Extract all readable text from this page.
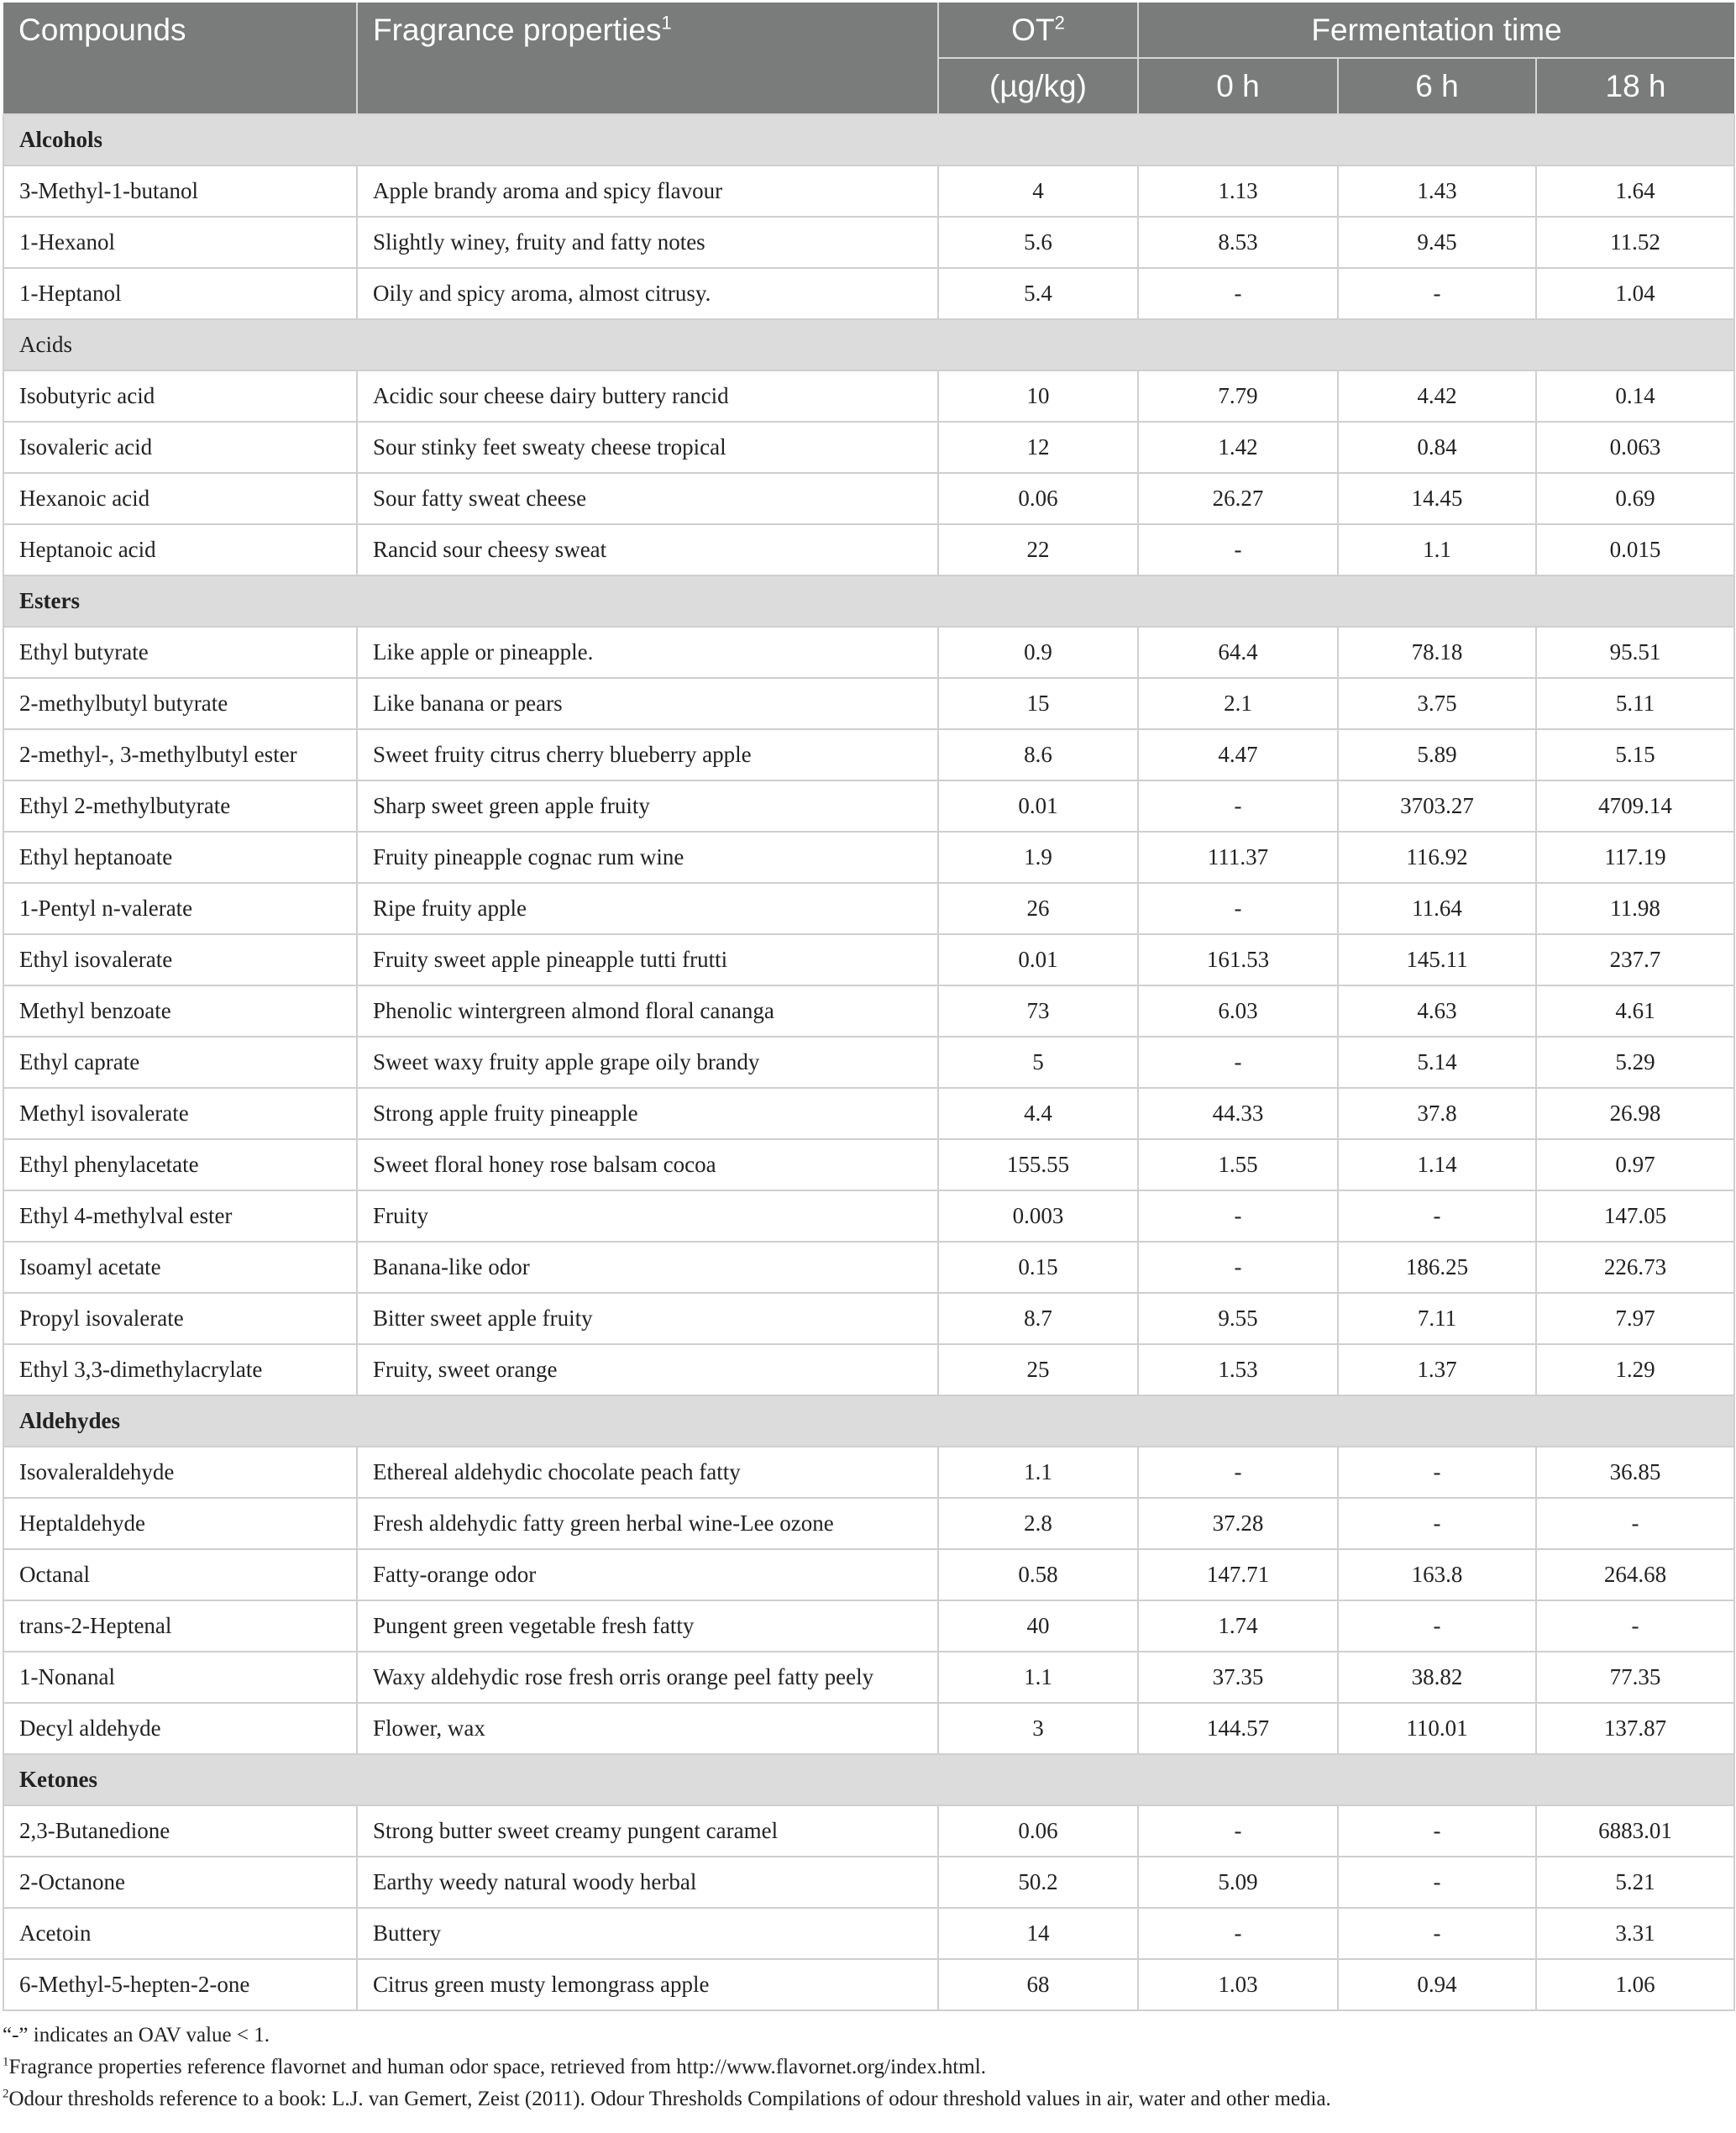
Compounds	Fragrance properties$^1$	$OT^2$	Fermentation time		
		(µg/kg)	0 h	6 h	18 h
Alcohols					
3-Methyl-1-butanol	Apple brandy aroma and spicy flavour	4	1.13	1.43	1.64
1-Hexanol	Slightly winey, fruity and fatty notes	5.6	8.53	9.45	11.52
1-Heptanol	Oily and spicy aroma, almost citrusy.	5.4	-	-	1.04
Acids					
Isobutyric acid	Acidic sour cheese dairy buttery rancid	10	7.79	4.42	0.14
Isovaleric acid	Sour stinky feet sweaty cheese tropical	12	1.42	0.84	0.063
Hexanoic acid	Sour fatty sweat cheese	0.06	26.27	14.45	0.69
Heptanoic acid	Rancid sour cheesy sweat	22	-	1.1	0.015
Esters					
Ethyl butyrate	Like apple or pineapple.	0.9	64.4	78.18	95.51
2-methylbutyl butyrate	Like banana or pears	15	2.1	3.75	5.11
2-methyl-, 3-methylbutyl ester	Sweet fruity citrus cherry blueberry apple	8.6	4.47	5.89	5.15
Ethyl 2-methylbutyrate	Sharp sweet green apple fruity	0.01	-	3703.27	4709.14
Ethyl heptanoate	Fruity pineapple cognac rum wine	1.9	111.37	116.92	117.19
1-Pentyl n-valerate	Ripe fruity apple	26	-	11.64	11.98
Ethyl isovalerate	Fruity sweet apple pineapple tutti frutti	0.01	161.53	145.11	237.7
Methyl benzoate	Phenolic wintergreen almond floral cananga	73	6.03	4.63	4.61
Ethyl caprate	Sweet waxy fruity apple grape oily brandy	5	-	5.14	5.29
Methyl isovalerate	Strong apple fruity pineapple	4.4	44.33	37.8	26.98
Ethyl phenylacetate	Sweet floral honey rose balsam cocoa	155.55	1.55	1.14	0.97
Ethyl 4-methylval ester	Fruity	0.003	-	-	147.05
Isoamyl acetate	Banana-like odor	0.15	-	186.25	226.73
Propyl isovalerate	Bitter sweet apple fruity	8.7	9.55	7.11	7.97
Ethyl 3,3-dimethylacrylate	Fruity, sweet orange	25	1.53	1.37	1.29
Aldehydes					
Isovaleraldehyde	Ethereal aldehydic chocolate peach fatty	1.1	-	-	36.85
Heptaldehyde	Fresh aldehydic fatty green herbal wine-Lee ozone	2.8	37.28	-	-
Octanal	Fatty-orange odor	0.58	147.71	163.8	264.68
trans-2-Heptenal	Pungent green vegetable fresh fatty	40	1.74	-	-
1-Nonanal	Waxy aldehydic rose fresh orris orange peel fatty peely	1.1	37.35	38.82	77.35
Decyl aldehyde	Flower, wax	3	144.57	110.01	137.87
Ketones					
2,3-Butanedione	Strong butter sweet creamy pungent caramel	0.06	-	-	6883.01
2-Octanone	Earthy weedy natural woody herbal	50.2	5.09	-	5.21
Acetoin	Buttery	14	-	-	3.31
6-Methyl-5-hepten-2-one	Citrus green musty lemongrass apple	68	1.03	0.94	1.06

“-” indicates an OAV value < 1.

$^1$Fragrance properties reference flavornet and human odor space, retrieved from http://www.flavornet.org/index.html.

$^2$Odour thresholds reference to a book: L.J. van Gemert, Zeist (2011). Odour Thresholds Compilations of odour threshold values in air, water and other media.
